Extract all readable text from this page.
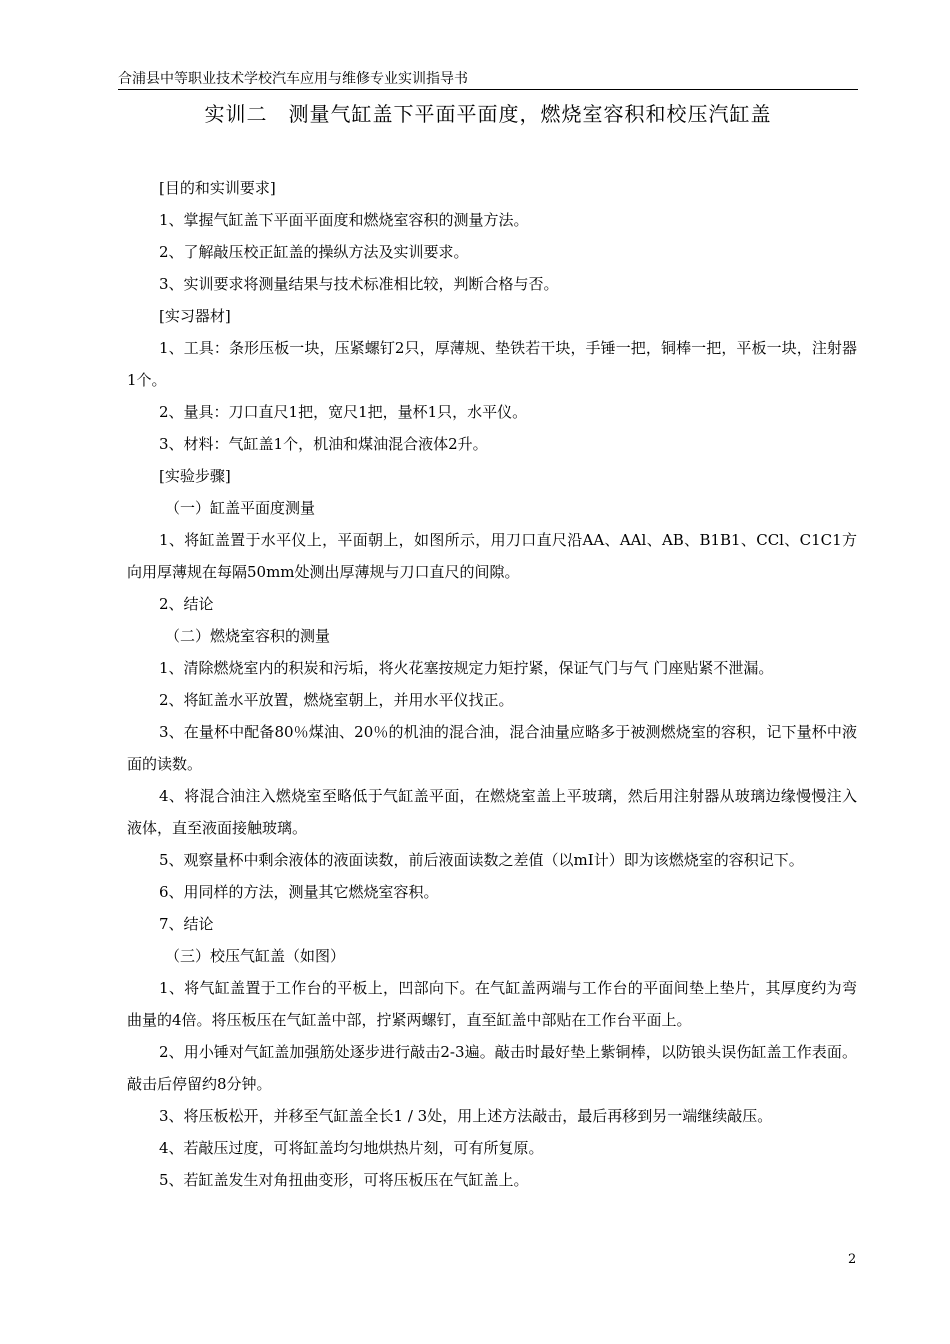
合浦县中等职业技术学校汽车应用与维修专业实训指导书
实训二　测量气缸盖下平面平面度，燃烧室容积和校压汽缸盖

[目的和实训要求]

1、掌握气缸盖下平面平面度和燃烧室容积的测量方法。

2、了解敲压校正缸盖的操纵方法及实训要求。

3、实训要求将测量结果与技术标准相比较，判断合格与否。

[实习器材]

1、工具：条形压板一块，压紧螺钉2只，厚薄规、垫铁若干块，手锤一把，铜棒一把，平板一块，注射器1个。

2、量具：刀口直尺1把，宽尺1把，量杯1只，水平仪。

3、材料：气缸盖1个，机油和煤油混合液体2升。

[实验步骤]

（一）缸盖平面度测量

1、将缸盖置于水平仪上，平面朝上，如图所示，用刀口直尺沿AA、AAl、AB、B1B1、CCl、C1C1方向用厚薄规在每隔50mm处测出厚薄规与刀口直尺的间隙。

2、结论

（二）燃烧室容积的测量

1、清除燃烧室内的积炭和污垢，将火花塞按规定力矩拧紧，保证气门与气 门座贴紧不泄漏。

2、将缸盖水平放置，燃烧室朝上，并用水平仪找正。

3、在量杯中配备80％煤油、20％的机油的混合油，混合油量应略多于被测燃烧室的容积，记下量杯中液面的读数。

4、将混合油注入燃烧室至略低于气缸盖平面，在燃烧室盖上平玻璃，然后用注射器从玻璃边缘慢慢注入液体，直至液面接触玻璃。

5、观察量杯中剩余液体的液面读数，前后液面读数之差值（以mI计）即为该燃烧室的容积记下。

6、用同样的方法，测量其它燃烧室容积。

7、结论

（三）校压气缸盖（如图）

1、将气缸盖置于工作台的平板上，凹部向下。在气缸盖两端与工作台的平面间垫上垫片，其厚度约为弯曲量的4倍。将压板压在气缸盖中部，拧紧两螺钉，直至缸盖中部贴在工作台平面上。

2、用小锤对气缸盖加强筋处逐步进行敲击2-3遍。敲击时最好垫上紫铜棒，以防锒头误伤缸盖工作表面。敲击后停留约8分钟。

3、将压板松开，并移至气缸盖全长1 / 3处，用上述方法敲击，最后再移到另一端继续敲压。

4、若敲压过度，可将缸盖均匀地烘热片刻，可有所复原。

5、若缸盖发生对角扭曲变形，可将压板压在气缸盖上。

2
